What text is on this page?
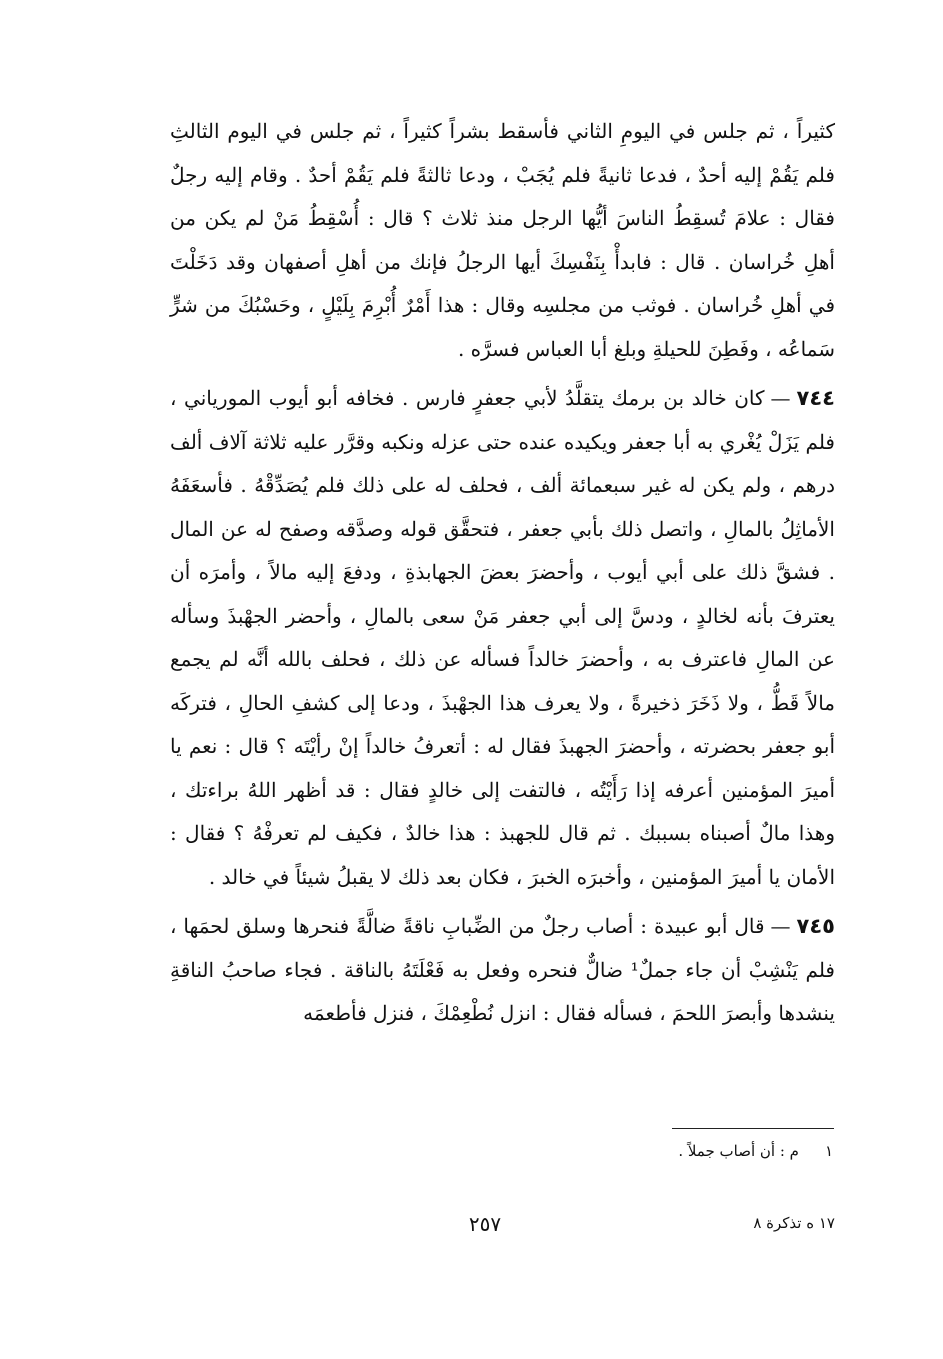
كثيراً ، ثم جلس في اليومِ الثاني فأسقط بشراً كثيراً ، ثم جلس في اليوم الثالثِ فلم يَقُمْ إليه أحدٌ ، فدعا ثانيةً فلم يُجَبْ ، ودعا ثالثةً فلم يَقُمْ أحدٌ . وقام إليه رجلٌ فقال : علامَ تُسقِطُ الناسَ أيُّها الرجل منذ ثلاث ؟ قال : أُسْقِطُ مَنْ لم يكن من أهلِ خُراسان . قال : فابدأْ بِنَفْسِكَ أيها الرجلُ فإنك من أهلِ أصفهان وقد دَخَلْتَ في أهلِ خُراسان . فوثب من مجلسِه وقال : هذا أَمْرٌ أُبْرِمَ بِلَيْلٍ ، وحَسْبُكَ من شرٍّ سَماعُه ، وفَطِنَ للحيلةِ وبلغ أبا العباس فسرَّه .

٧٤٤—كان خالد بن برمك يتقلَّدُ لأبي جعفرٍ فارس . فخافه أبو أيوب المورياني ، فلم يَزَلْ يُغْري به أبا جعفر ويكيده عنده حتى عزله ونكبه وقرَّر عليه ثلاثة آلاف ألف درهم ، ولم يكن له غير سبعمائة ألف ، فحلف له على ذلك فلم يُصَدِّقْهُ . فأسعَفَهُ الأماثِلُ بالمالِ ، واتصل ذلك بأبي جعفر ، فتحقَّق قوله وصدَّقه وصفح له عن المال . فشقَّ ذلك على أبي أيوب ، وأحضرَ بعضَ الجهابذةِ ، ودفعَ إليه مالاً ، وأمرَه أن يعترفَ بأنه لخالدٍ ، ودسَّ إلى أبي جعفر مَنْ سعى بالمالِ ، وأحضر الجهْبذَ وسأله عن المالِ فاعترف به ، وأحضرَ خالداً فسأله عن ذلك ، فحلف بالله أنَّه لم يجمع مالاً قَطُّ ، ولا ذَخَرَ ذخيرةً ، ولا يعرف هذا الجهْبذَ ، ودعا إلى كشفِ الحالِ ، فتركَه أبو جعفر بحضرته ، وأحضرَ الجهبذَ فقال له : أتعرفُ خالداً إنْ رأيْتَه ؟ قال : نعم يا أميرَ المؤمنين أعرفه إذا رَأَيْتُه ، فالتفت إلى خالدٍ فقال : قد أظهر اللهُ براءتك ، وهذا مالٌ أصبناه بسببك . ثم قال للجهبذ : هذا خالدٌ ، فكيف لم تعرفْهُ ؟ فقال : الأمان يا أميرَ المؤمنين ، وأخبرَه الخبرَ ، فكان بعد ذلك لا يقبلُ شيئاً في خالد .

٧٤٥—قال أبو عبيدة : أصاب رجلٌ من الضِّبابِ ناقةً ضالَّةً فنحرها وسلق لحمَها ، فلم يَنْشِبْ أن جاء جملٌ¹ ضالٌّ فنحره وفعل به فَعْلَتَهُ بالناقة . فجاء صاحبُ الناقةِ ينشدها وأبصرَ اللحمَ ، فسأله فقال : انزل نُطْعِمْكَ ، فنزل فأطعمَه

١م : أن أصاب جملاً .
٢٥٧	١٧ ه تذكرة ٨
